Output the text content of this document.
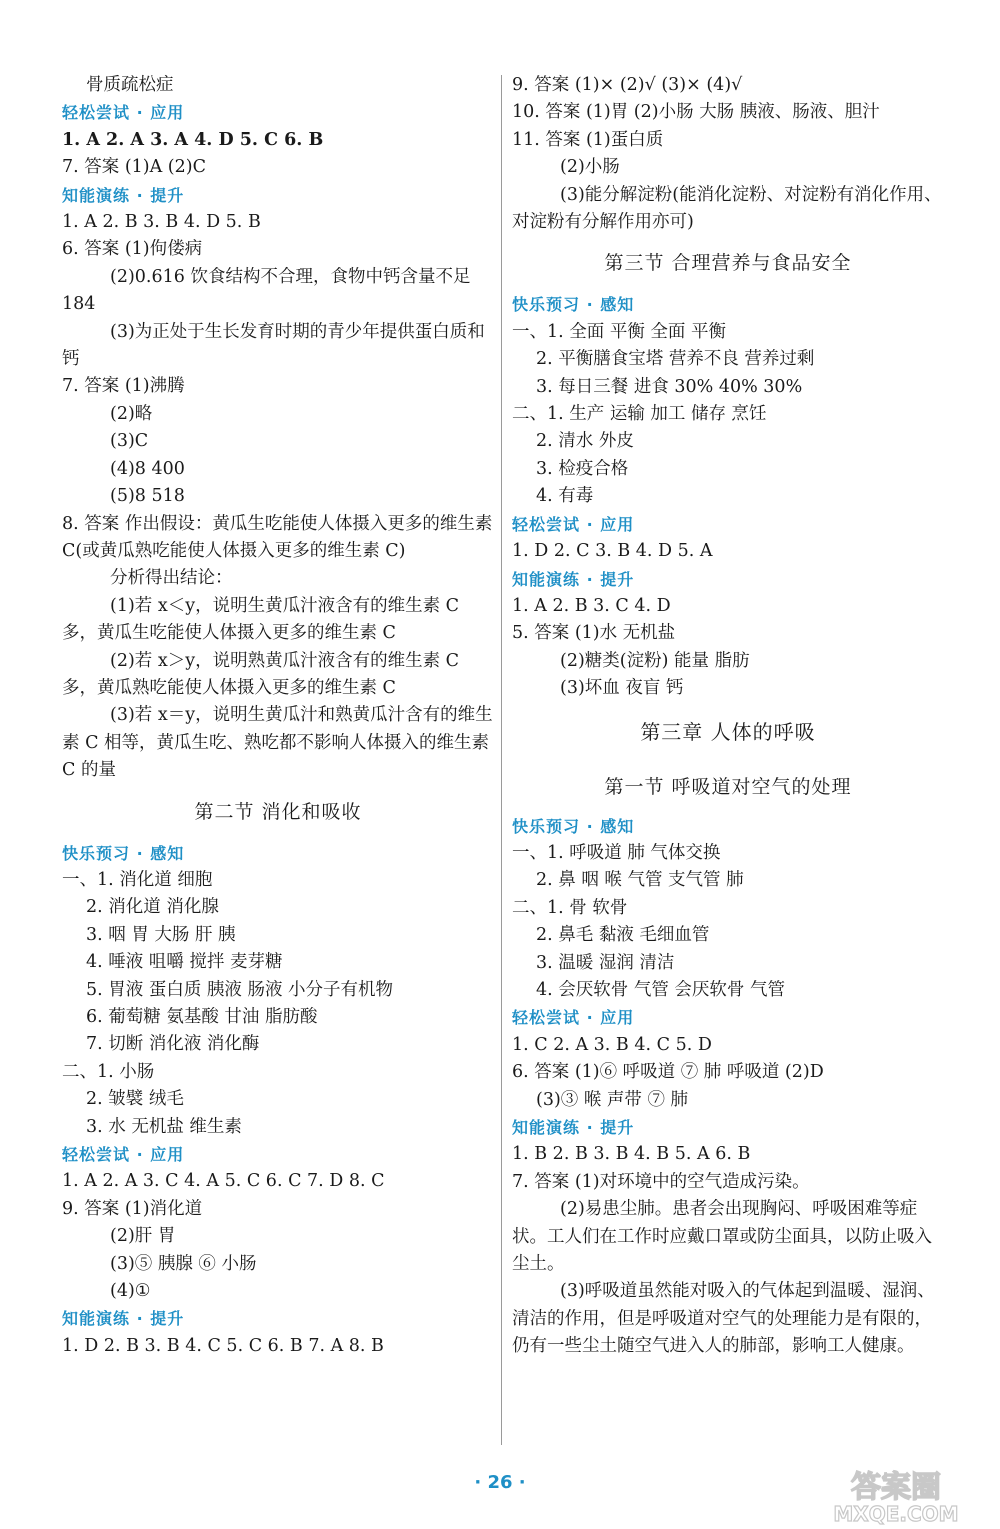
骨质疏松症
轻松尝试 · 应用
1. A 2. A 3. A 4. D 5. C 6. B
7. 答案 (1)A (2)C
知能演练 · 提升
1. A 2. B 3. B 4. D 5. B
6. 答案 (1)佝偻病
(2)0.616 饮食结构不合理，食物中钙含量不足 184
(3)为正处于生长发育时期的青少年提供蛋白质和钙
7. 答案 (1)沸腾
(2)略
(3)C
(4)8 400
(5)8 518
8. 答案 作出假设：黄瓜生吃能使人体摄入更多的维生素 C(或黄瓜熟吃能使人体摄入更多的维生素 C)
分析得出结论：
(1)若 x＜y，说明生黄瓜汁液含有的维生素 C 多，黄瓜生吃能使人体摄入更多的维生素 C
(2)若 x＞y，说明熟黄瓜汁液含有的维生素 C 多，黄瓜熟吃能使人体摄入更多的维生素 C
(3)若 x＝y，说明生黄瓜汁和熟黄瓜汁含有的维生素 C 相等，黄瓜生吃、熟吃都不影响人体摄入的维生素 C 的量
第二节 消化和吸收
快乐预习 · 感知
一、1. 消化道 细胞
2. 消化道 消化腺
3. 咽 胃 大肠 肝 胰
4. 唾液 咀嚼 搅拌 麦芽糖
5. 胃液 蛋白质 胰液 肠液 小分子有机物
6. 葡萄糖 氨基酸 甘油 脂肪酸
7. 切断 消化液 消化酶
二、1. 小肠
2. 皱襞 绒毛
3. 水 无机盐 维生素
轻松尝试 · 应用
1. A 2. A 3. C 4. A 5. C 6. C 7. D 8. C
9. 答案 (1)消化道
(2)肝 胃
(3)⑤ 胰腺 ⑥ 小肠
(4)①
知能演练 · 提升
1. D 2. B 3. B 4. C 5. C 6. B 7. A 8. B
9. 答案 (1)× (2)√ (3)× (4)√
10. 答案 (1)胃 (2)小肠 大肠 胰液、肠液、胆汁
11. 答案 (1)蛋白质
(2)小肠
(3)能分解淀粉(能消化淀粉、对淀粉有消化作用、对淀粉有分解作用亦可)
第三节 合理营养与食品安全
快乐预习 · 感知
一、1. 全面 平衡 全面 平衡
2. 平衡膳食宝塔 营养不良 营养过剩
3. 每日三餐 进食 30% 40% 30%
二、1. 生产 运输 加工 储存 烹饪
2. 清水 外皮
3. 检疫合格
4. 有毒
轻松尝试 · 应用
1. D 2. C 3. B 4. D 5. A
知能演练 · 提升
1. A 2. B 3. C 4. D
5. 答案 (1)水 无机盐
(2)糖类(淀粉) 能量 脂肪
(3)坏血 夜盲 钙
第三章 人体的呼吸
第一节 呼吸道对空气的处理
快乐预习 · 感知
一、1. 呼吸道 肺 气体交换
2. 鼻 咽 喉 气管 支气管 肺
二、1. 骨 软骨
2. 鼻毛 黏液 毛细血管
3. 温暖 湿润 清洁
4. 会厌软骨 气管 会厌软骨 气管
轻松尝试 · 应用
1. C 2. A 3. B 4. C 5. D
6. 答案 (1)⑥ 呼吸道 ⑦ 肺 呼吸道 (2)D
(3)③ 喉 声带 ⑦ 肺
知能演练 · 提升
1. B 2. B 3. B 4. B 5. A 6. B
7. 答案 (1)对环境中的空气造成污染。
(2)易患尘肺。患者会出现胸闷、呼吸困难等症状。工人们在工作时应戴口罩或防尘面具，以防止吸入尘土。
(3)呼吸道虽然能对吸入的气体起到温暖、湿润、清洁的作用，但是呼吸道对空气的处理能力是有限的，仍有一些尘土随空气进入人的肺部，影响工人健康。
· 26 ·	答案圈
MXQE.COM
